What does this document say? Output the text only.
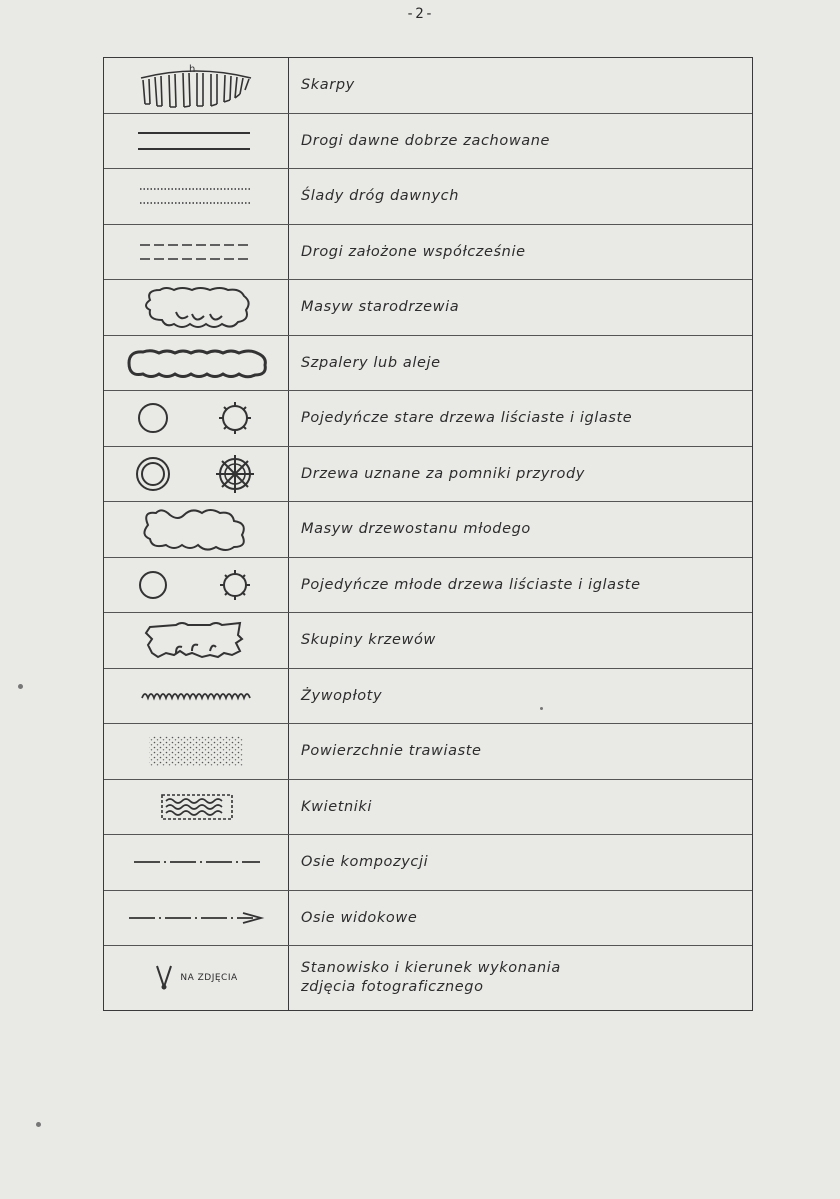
-2-
h
Skarpy
Drogi dawne dobrze zachowane
Ślady dróg dawnych
Drogi założone współcześnie
Masyw starodrzewia
Szpalery lub aleje
Pojedyńcze stare drzewa liściaste i iglaste
Drzewa uznane za pomniki przyrody
Masyw drzewostanu młodego
Pojedyńcze młode drzewa liściaste i iglaste
Skupiny krzewów
Żywopłoty
Powierzchnie trawiaste
Kwietniki
Osie kompozycji
Osie widokowe
NA ZDJĘCIA
Stanowisko i kierunek wykonania
zdjęcia fotograficznego
